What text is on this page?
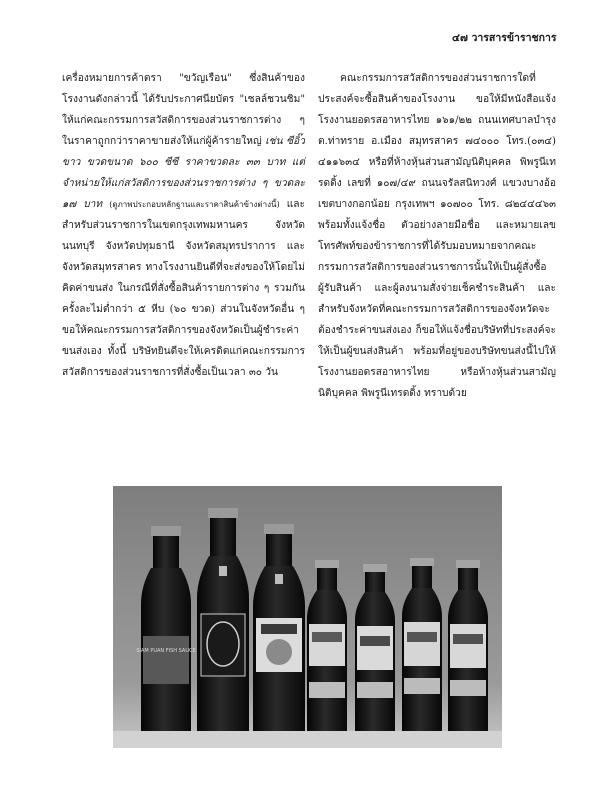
๔๗ วารสารข้าราชการ

เครื่องหมายการค้าตรา "ขวัญเรือน" ซึ่งสินค้าของโรงงานดังกล่าวนี้ ได้รับประกาศนียบัตร "เชลล์ชวนชิม" ให้แก่คณะกรรมการสวัสดิการของส่วนราชการต่าง ๆ ในราคาถูกกว่าราคาขายส่งให้แก่ผู้ค้ารายใหญ่ เช่น ซีอิ๊วขาว ขวดขนาด ๖๐๐ ซีซี ราคาขวดละ ๓๓ บาท แต่จำหน่ายให้แก่สวัสดิการของส่วนราชการต่าง ๆ ขวดละ ๑๗ บาท (ดูภาพประกอบหลักฐานและราคาสินค้าข้างต่างนี้) และสำหรับส่วนราชการในเขตกรุงเทพมหานคร จังหวัดนนทบุรี จังหวัดปทุมธานี จังหวัดสมุทรปราการ และจังหวัดสมุทรสาคร ทางโรงงานยินดีที่จะส่งของให้โดยไม่คิดค่าขนส่ง ในกรณีที่สั่งซื้อสินค้ารายการต่าง ๆ รวมกันครั้งละไม่ต่ำกว่า ๕ หีบ (๖๐ ขวด) ส่วนในจังหวัดอื่น ๆ ขอให้คณะกรรมการสวัสดิการของจังหวัดเป็นผู้ชำระค่าขนส่งเอง ทั้งนี้ บริษัทยินดีจะให้เครดิตแก่คณะกรรมการสวัสดิการของส่วนราชการที่สั่งซื้อเป็นเวลา ๓๐ วัน

คณะกรรมการสวัสดิการของส่วนราชการใดที่ประสงค์จะซื้อสินค้าของโรงงาน ขอให้มีหนังสือแจ้ง โรงงานยอดรสอาหารไทย ๑๖๑/๒๒ ถนนเทศบาลบำรุง ต.ท่าทราย อ.เมือง สมุทรสาคร ๗๔๐๐๐ โทร.(๐๓๔) ๔๑๑๖๓๔ หรือที่ห้างหุ้นส่วนสามัญนิติบุคคล พิพรูนีเทรดดิ้ง เลขที่ ๑๐๗/๔๙ ถนนจรัลสนิทวงศ์ แขวงบางอ้อ เขตบางกอกน้อย กรุงเทพฯ ๑๐๗๐๐ โทร. ๘๒๔๔๔๖๓ พร้อมทั้งแจ้งชื่อ ตัวอย่างลายมือชื่อ และหมายเลขโทรศัพท์ของข้าราชการที่ได้รับมอบหมายจากคณะกรรมการสวัสดิการของส่วนราชการนั้นให้เป็นผู้สั่งซื้อ ผู้รับสินค้า และผู้ลงนามสั่งจ่ายเช็คชำระสินค้า และสำหรับจังหวัดที่คณะกรรมการสวัสดิการของจังหวัดจะต้องชำระค่าขนส่งเอง ก็ขอให้แจ้งชื่อบริษัทที่ประสงค์จะให้เป็นผู้ขนส่งสินค้า พร้อมที่อยู่ของบริษัทขนส่งนี้ไปให้โรงงานยอดรสอาหารไทย หรือห้างหุ้นส่วนสามัญนิติบุคคล พิพรูนีเทรดดิ้ง ทราบด้วย

SIAM PUAN FISH SAUCE
